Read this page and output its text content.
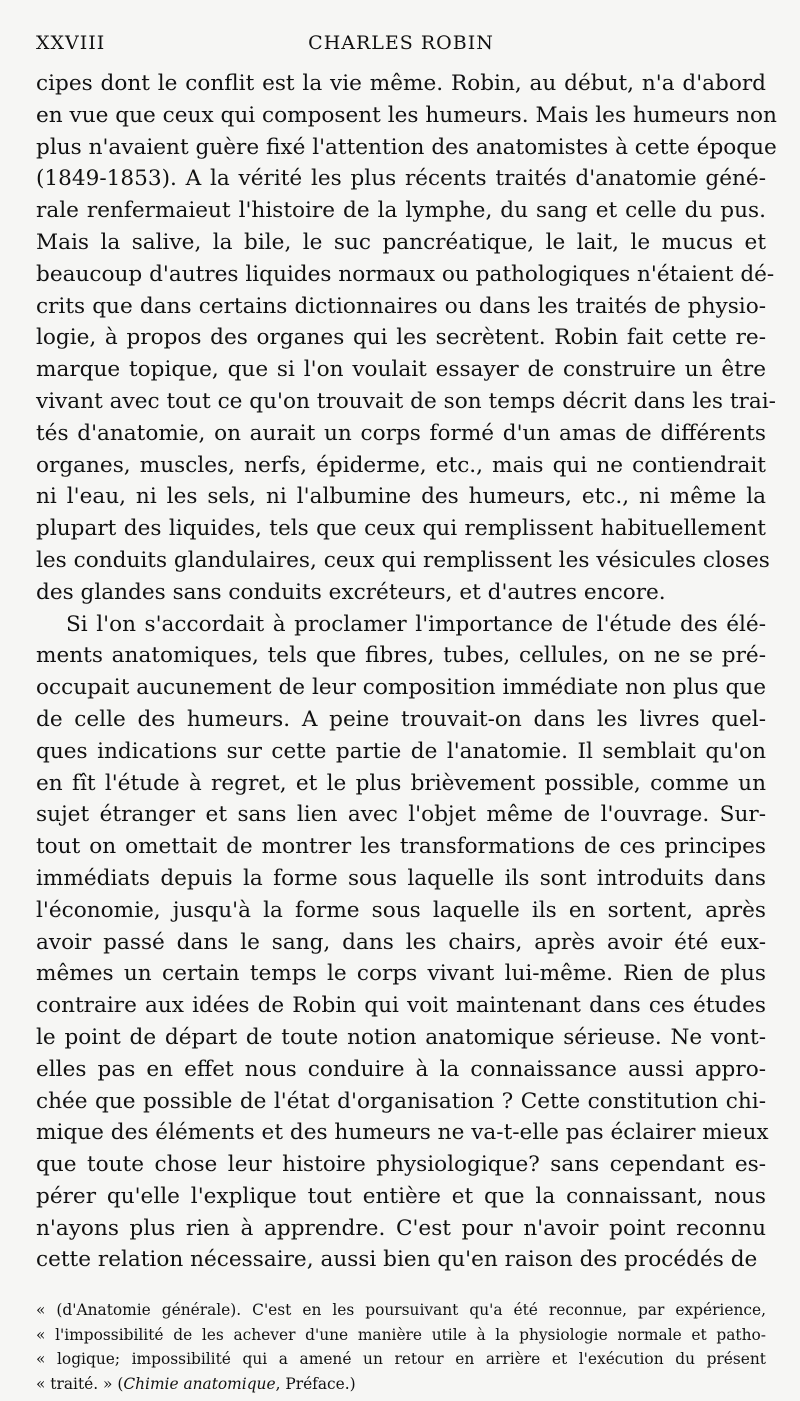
XXVIII	CHARLES ROBIN
cipes dont le conflit est la vie même. Robin, au début, n'a d'abord
en vue que ceux qui composent les humeurs. Mais les humeurs non
plus n'avaient guère fixé l'attention des anatomistes à cette époque
(1849-1853). A la vérité les plus récents traités d'anatomie géné-
rale renfermaieut l'histoire de la lymphe, du sang et celle du pus.
Mais la salive, la bile, le suc pancréatique, le lait, le mucus et
beaucoup d'autres liquides normaux ou pathologiques n'étaient dé-
crits que dans certains dictionnaires ou dans les traités de physio-
logie, à propos des organes qui les secrètent. Robin fait cette re-
marque topique, que si l'on voulait essayer de construire un être
vivant avec tout ce qu'on trouvait de son temps décrit dans les trai-
tés d'anatomie, on aurait un corps formé d'un amas de différents
organes, muscles, nerfs, épiderme, etc., mais qui ne contiendrait
ni l'eau, ni les sels, ni l'albumine des humeurs, etc., ni même la
plupart des liquides, tels que ceux qui remplissent habituellement
les conduits glandulaires, ceux qui remplissent les vésicules closes
des glandes sans conduits excréteurs, et d'autres encore.
Si l'on s'accordait à proclamer l'importance de l'étude des élé-
ments anatomiques, tels que fibres, tubes, cellules, on ne se pré-
occupait aucunement de leur composition immédiate non plus que
de celle des humeurs. A peine trouvait-on dans les livres quel-
ques indications sur cette partie de l'anatomie. Il semblait qu'on
en fît l'étude à regret, et le plus brièvement possible, comme un
sujet étranger et sans lien avec l'objet même de l'ouvrage. Sur-
tout on omettait de montrer les transformations de ces principes
immédiats depuis la forme sous laquelle ils sont introduits dans
l'économie, jusqu'à la forme sous laquelle ils en sortent, après
avoir passé dans le sang, dans les chairs, après avoir été eux-
mêmes un certain temps le corps vivant lui-même. Rien de plus
contraire aux idées de Robin qui voit maintenant dans ces études
le point de départ de toute notion anatomique sérieuse. Ne vont-
elles pas en effet nous conduire à la connaissance aussi appro-
chée que possible de l'état d'organisation ? Cette constitution chi-
mique des éléments et des humeurs ne va-t-elle pas éclairer mieux
que toute chose leur histoire physiologique? sans cependant es-
pérer qu'elle l'explique tout entière et que la connaissant, nous
n'ayons plus rien à apprendre. C'est pour n'avoir point reconnu
cette relation nécessaire, aussi bien qu'en raison des procédés de
« (d'Anatomie générale). C'est en les poursuivant qu'a été reconnue, par expérience,
« l'impossibilité de les achever d'une manière utile à la physiologie normale et patho-
« logique; impossibilité qui a amené un retour en arrière et l'exécution du présent
« traité. » (Chimie anatomique, Préface.)
